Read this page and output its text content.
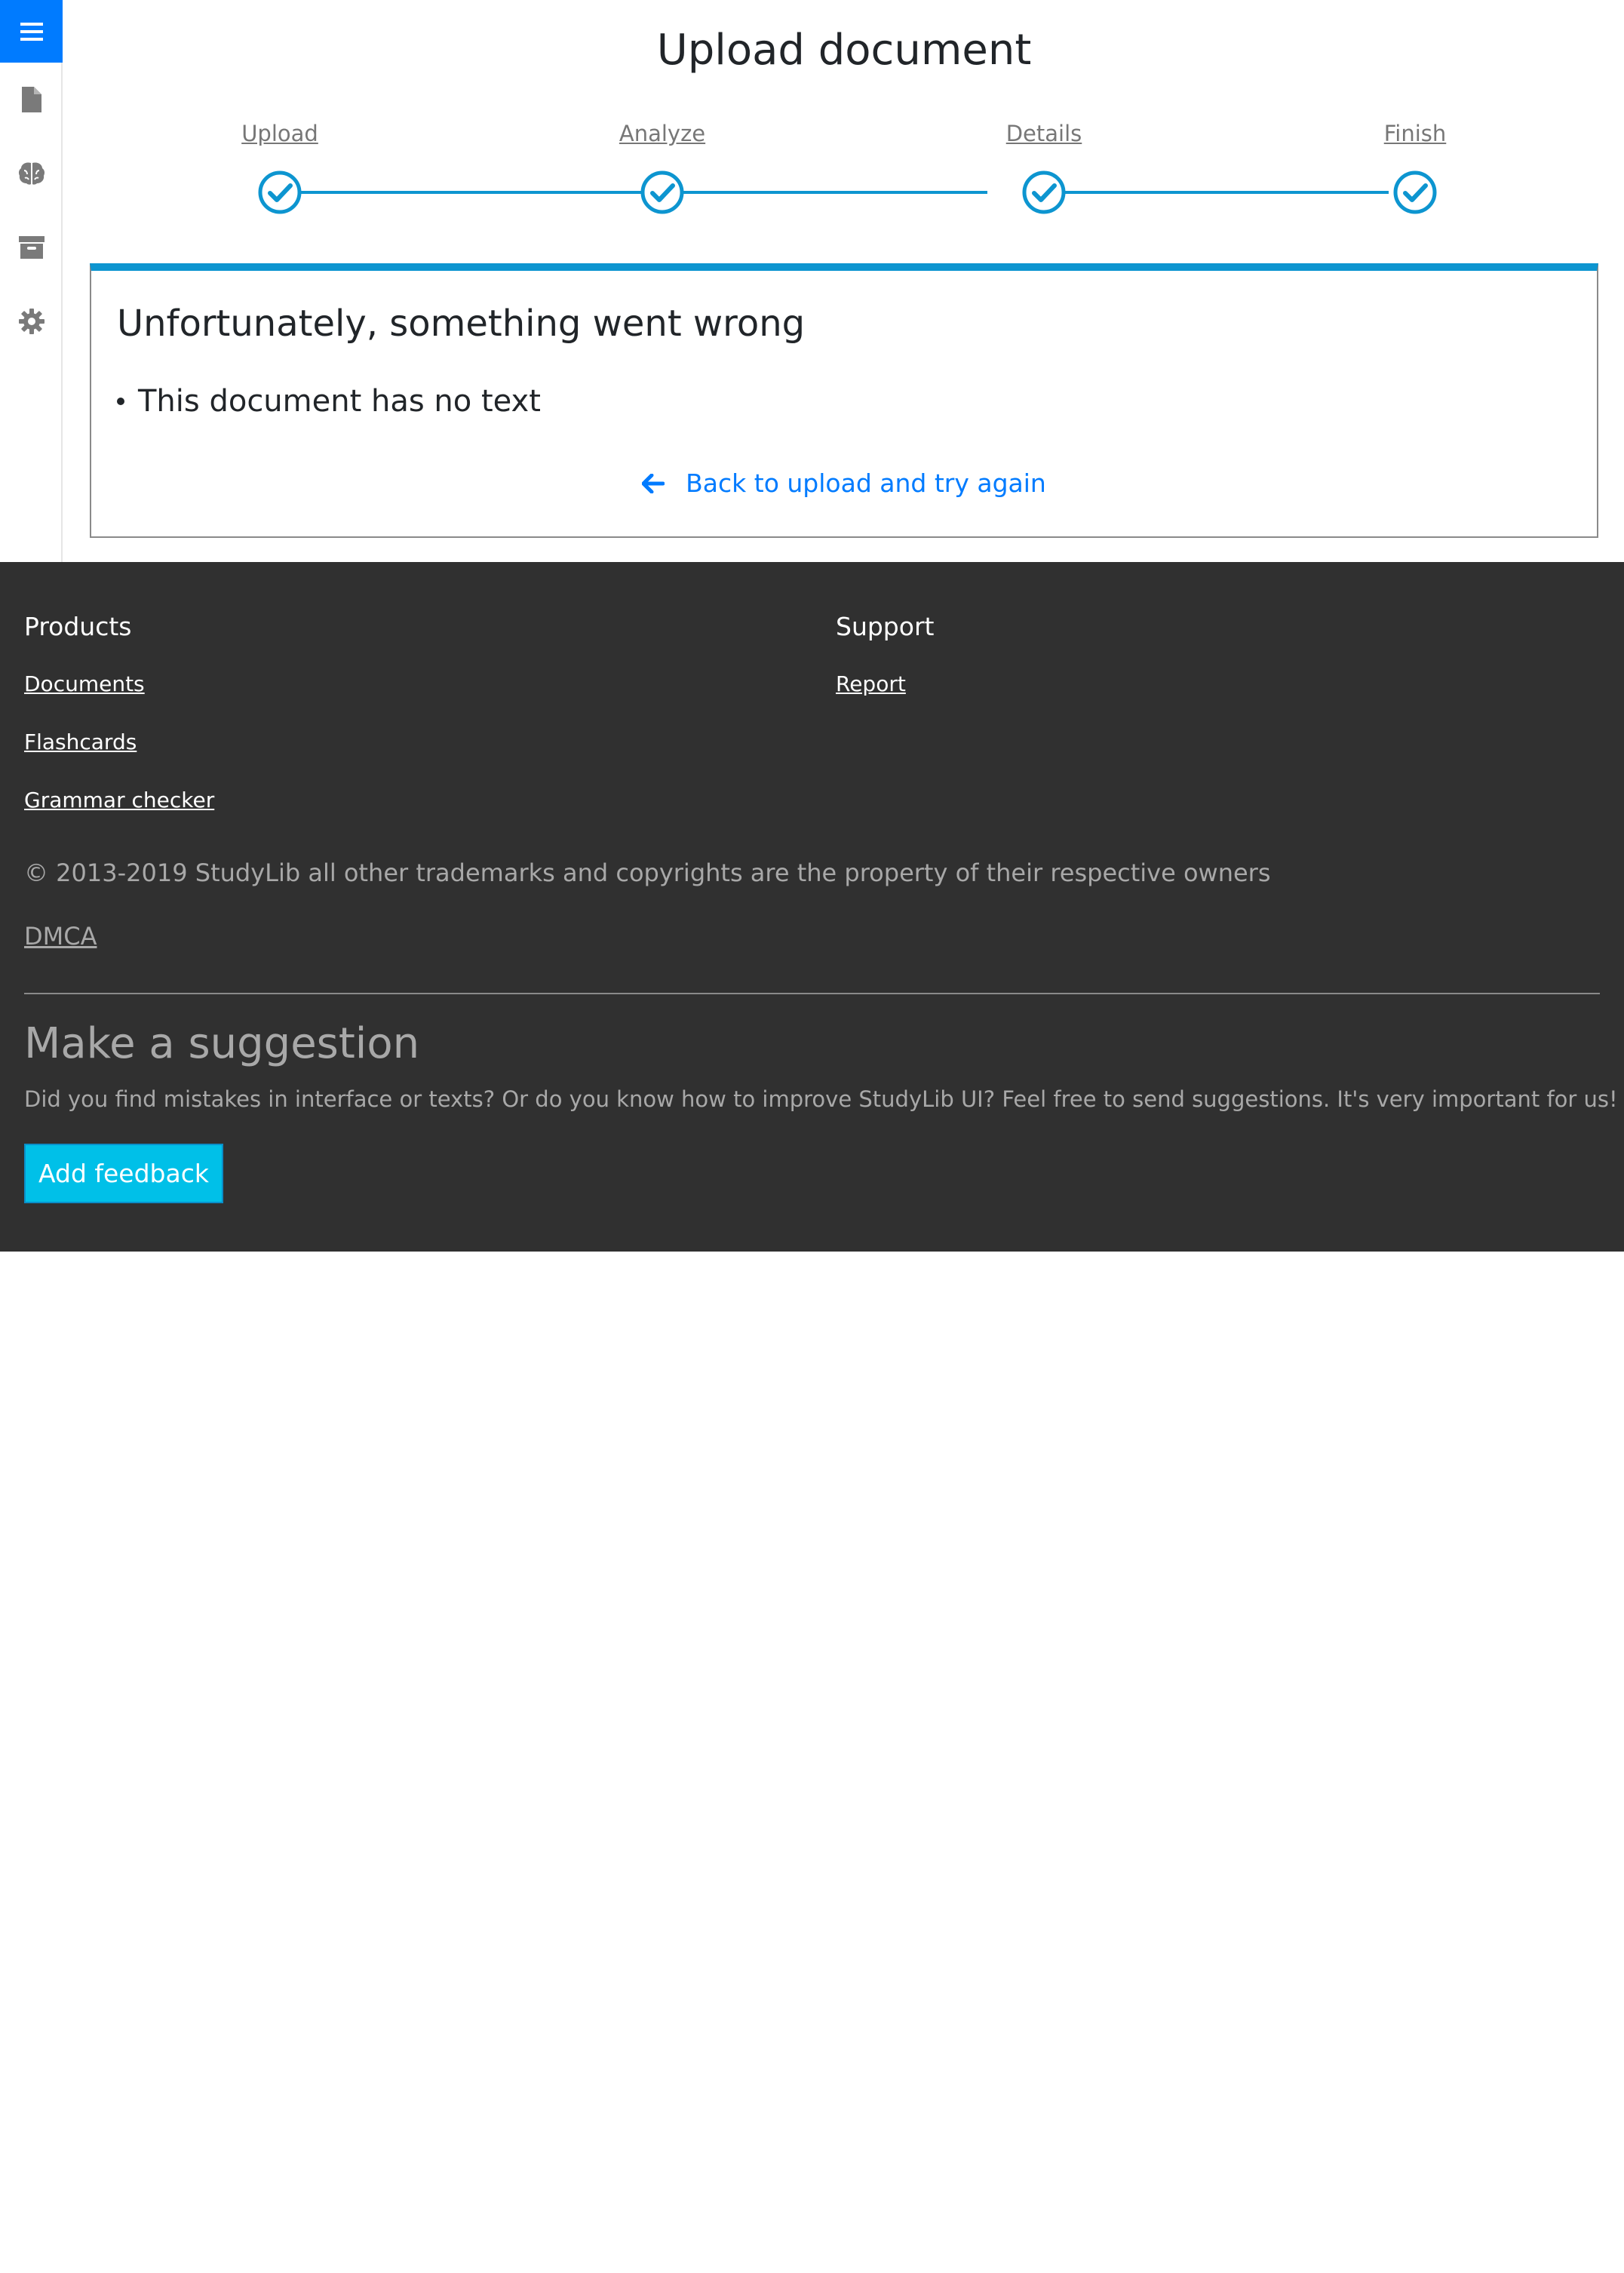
Upload document
Upload	Analyze	Details	Finish
Unfortunately, something went wrong
This document has no text
Back to upload and try again
Products
Documents
Flashcards
Grammar checker
Support
Report
© 2013-2019 StudyLib all other trademarks and copyrights are the property of their respective owners
DMCA
Make a suggestion
Did you find mistakes in interface or texts? Or do you know how to improve StudyLib UI? Feel free to send suggestions. It's very important for us!
Add feedback
